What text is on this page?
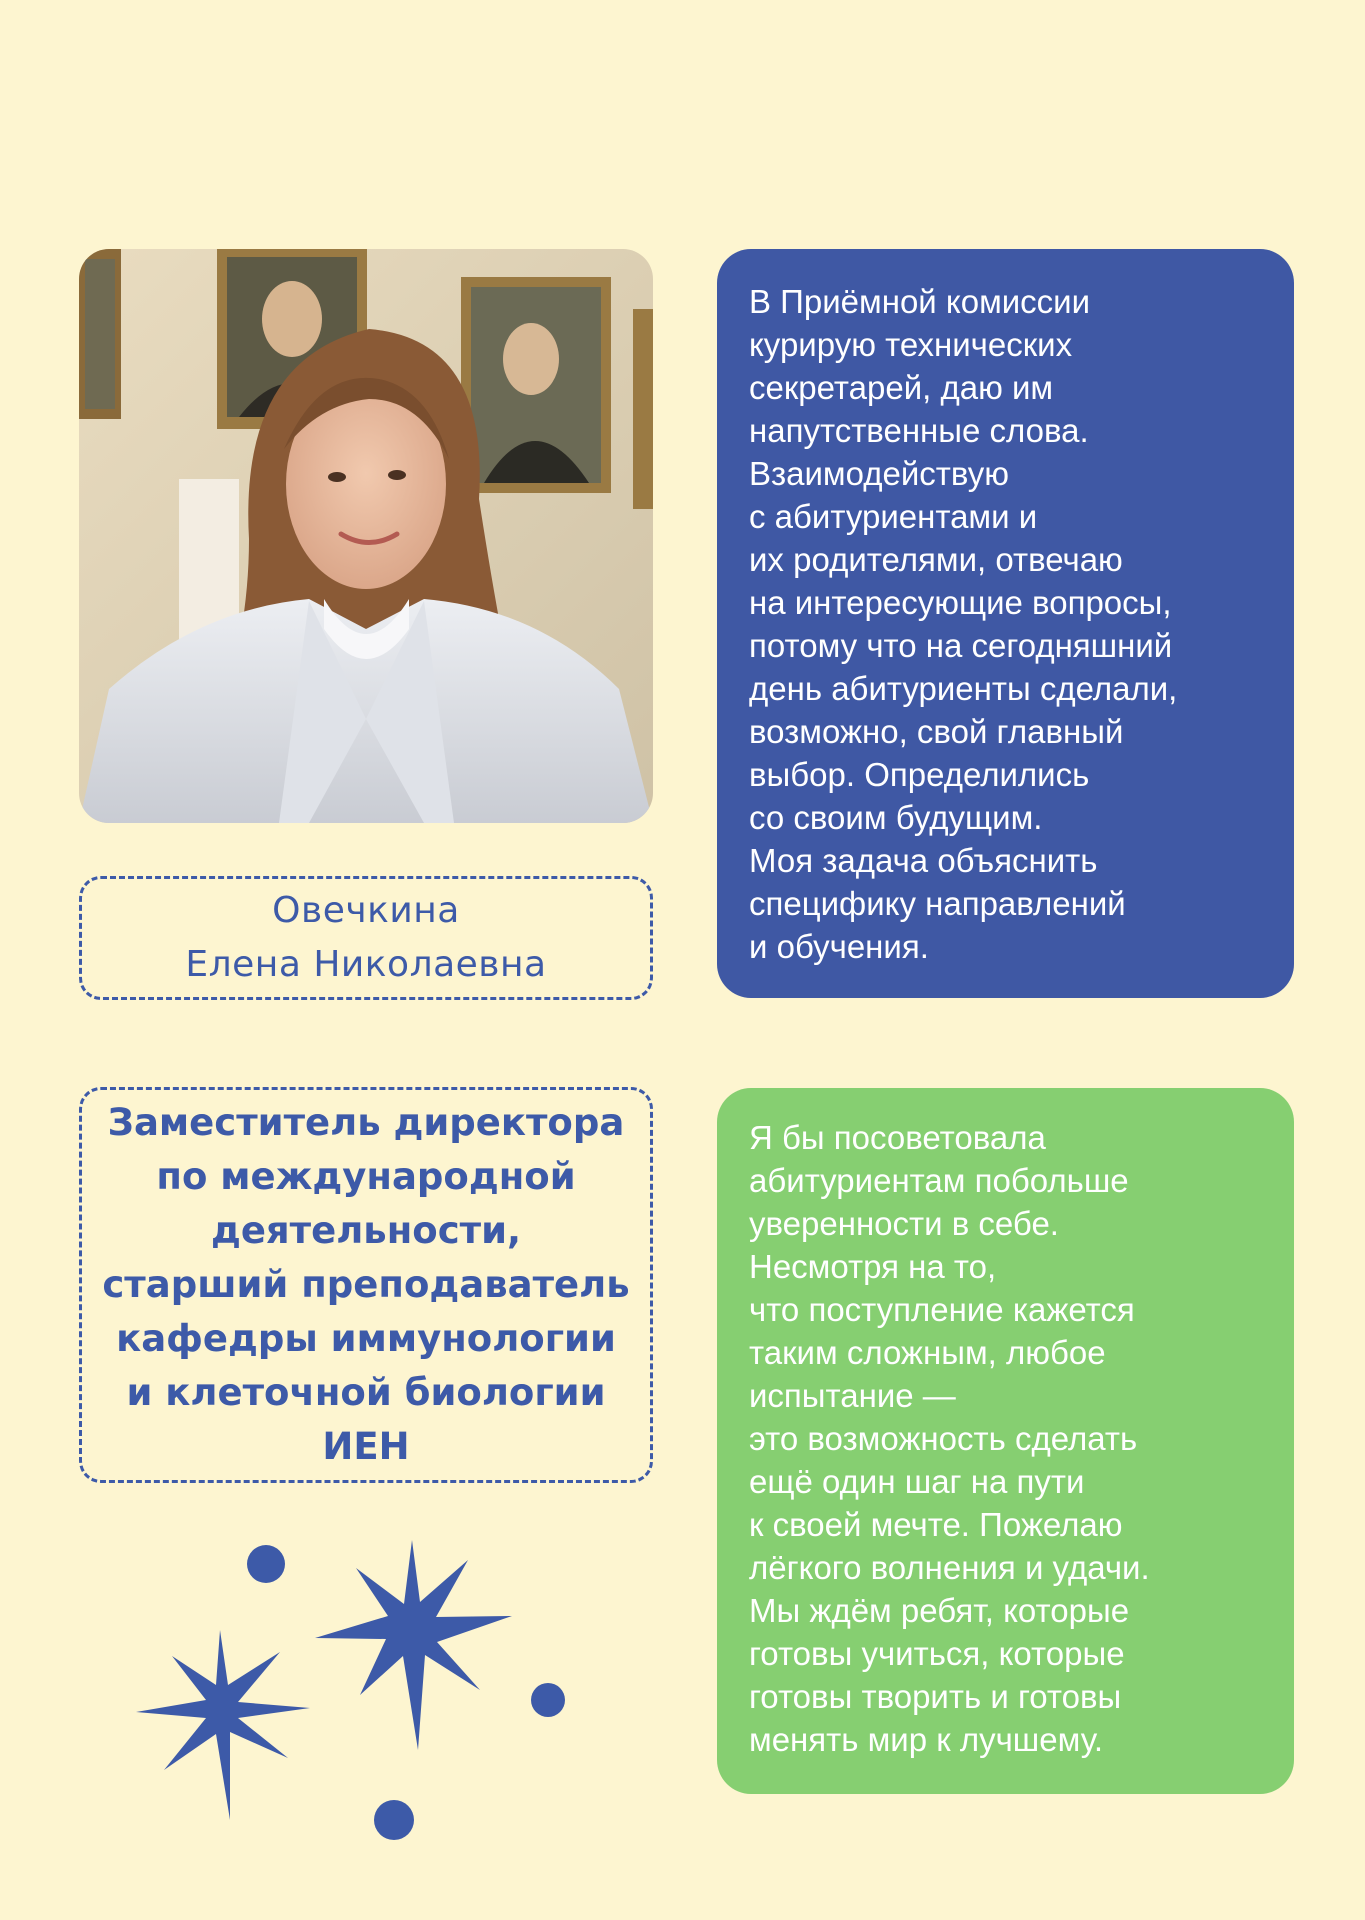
Овечкина
Елена Николаевна
Заместитель директора
по международной
деятельности,
старший преподаватель
кафедры иммунологии
и клеточной биологии
ИЕН

В Приёмной комиссии

курирую технических

секретарей, даю им

напутственные слова.

Взаимодействую

с абитуриентами и

их родителями, отвечаю

на интересующие вопросы,

потому что на сегодняшний

день абитуриенты сделали,

возможно, свой главный

выбор. Определились

со своим будущим.

Моя задача объяснить

специфику направлений

и обучения.

Я бы посоветовала

абитуриентам побольше

уверенности в себе.

Несмотря на то,

что поступление кажется

таким сложным, любое

испытание —

это возможность сделать

ещё один шаг на пути

к своей мечте. Пожелаю

лёгкого волнения и удачи.

Мы ждём ребят, которые

готовы учиться, которые

готовы творить и готовы

менять мир к лучшему.
